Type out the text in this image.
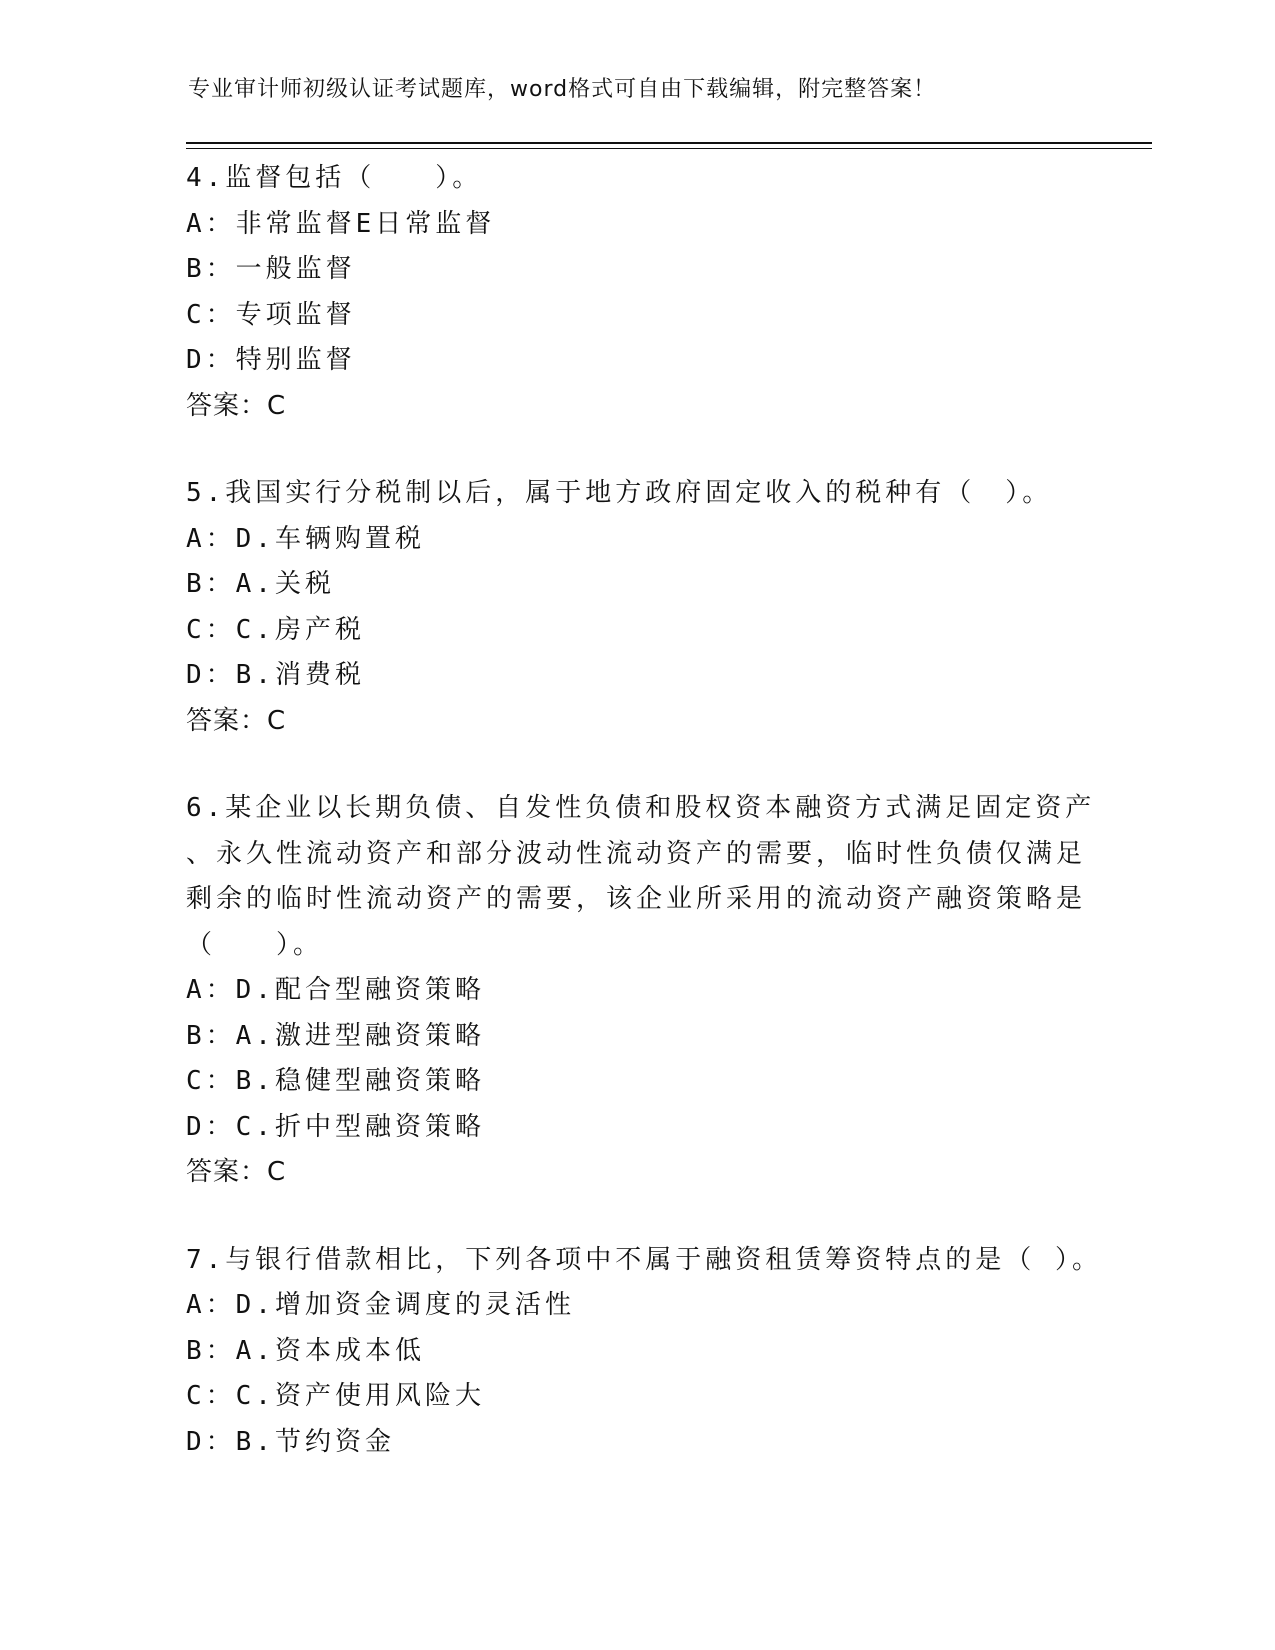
专业审计师初级认证考试题库，word格式可自由下载编辑，附完整答案！
4.监督包括（　　）。
A：非常监督E日常监督
B：一般监督
C：专项监督
D：特别监督
答案：C
5.我国实行分税制以后，属于地方政府固定收入的税种有（　）。
A：D.车辆购置税
B：A.关税
C：C.房产税
D：B.消费税
答案：C
6.某企业以长期负债、自发性负债和股权资本融资方式满足固定资产
、永久性流动资产和部分波动性流动资产的需要，临时性负债仅满足
剩余的临时性流动资产的需要，该企业所采用的流动资产融资策略是
（　　）。
A：D.配合型融资策略
B：A.激进型融资策略
C：B.稳健型融资策略
D：C.折中型融资策略
答案：C
7.与银行借款相比，下列各项中不属于融资租赁筹资特点的是（ ）。
A：D.增加资金调度的灵活性
B：A.资本成本低
C：C.资产使用风险大
D：B.节约资金
